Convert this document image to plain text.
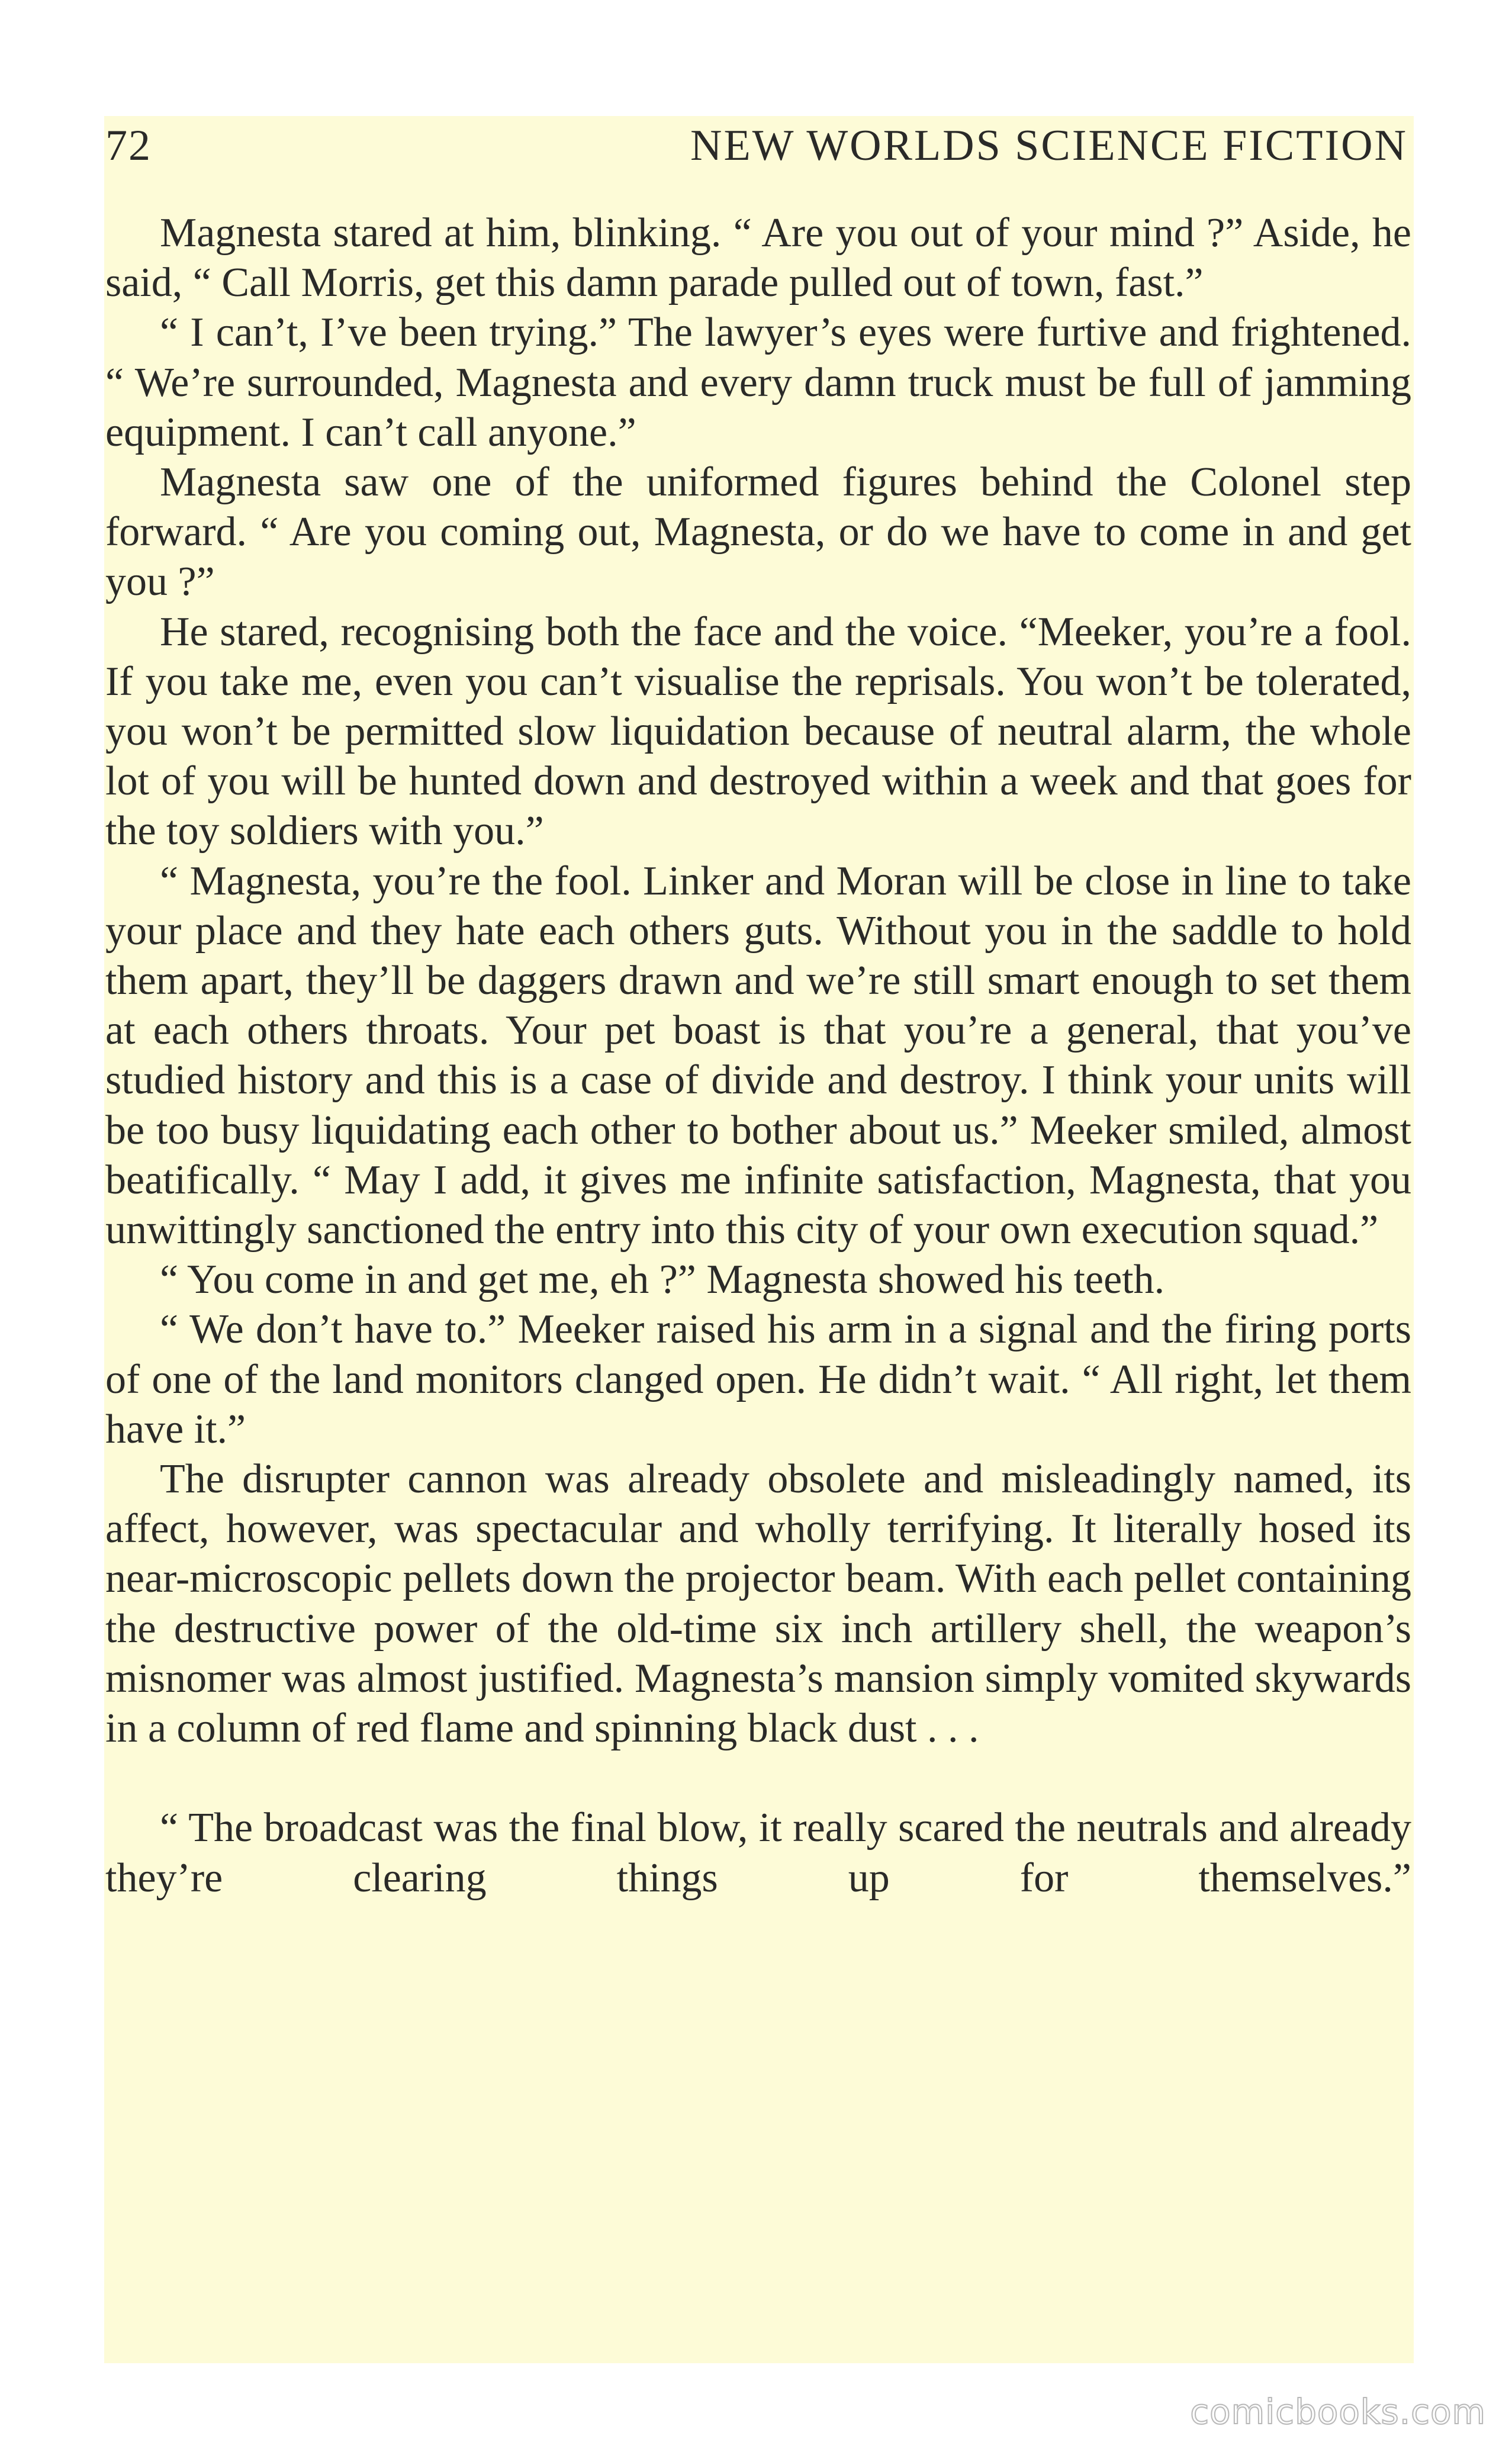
72	NEW WORLDS SCIENCE FICTION

Magnesta stared at him, blinking. “ Are you out of your mind ?” Aside, he said, “ Call Morris, get this damn parade pulled out of town, fast.”

“ I can’t, I’ve been trying.” The lawyer’s eyes were furtive and frightened. “ We’re surrounded, Magnesta and every damn truck must be full of jamming equipment. I can’t call anyone.”

Magnesta saw one of the uniformed figures behind the Colonel step forward. “ Are you coming out, Magnesta, or do we have to come in and get you ?”

He stared, recognising both the face and the voice. “Meeker, you’re a fool. If you take me, even you can’t visualise the reprisals. You won’t be tolerated, you won’t be permitted slow liquidation because of neutral alarm, the whole lot of you will be hunted down and destroyed within a week and that goes for the toy soldiers with you.”

“ Magnesta, you’re the fool. Linker and Moran will be close in line to take your place and they hate each others guts. Without you in the saddle to hold them apart, they’ll be daggers drawn and we’re still smart enough to set them at each others throats. Your pet boast is that you’re a general, that you’ve studied history and this is a case of divide and destroy. I think your units will be too busy liquidating each other to bother about us.” Meeker smiled, almost beatifically. “ May I add, it gives me infinite satisfaction, Magnesta, that you unwittingly sanctioned the entry into this city of your own execution squad.”

“ You come in and get me, eh ?” Magnesta showed his teeth.

“ We don’t have to.” Meeker raised his arm in a signal and the firing ports of one of the land monitors clanged open. He didn’t wait. “ All right, let them have it.”

The disrupter cannon was already obsolete and misleadingly named, its affect, however, was spectacular and wholly terrifying. It literally hosed its near-microscopic pellets down the projector beam. With each pellet containing the destructive power of the old-time six inch artillery shell, the weapon’s misnomer was almost justified. Magnesta’s mansion simply vomited skywards in a column of red flame and spinning black dust . . .

“ The broadcast was the final blow, it really scared the neutrals and already they’re clearing things up for themselves.”

comicbooks.com
